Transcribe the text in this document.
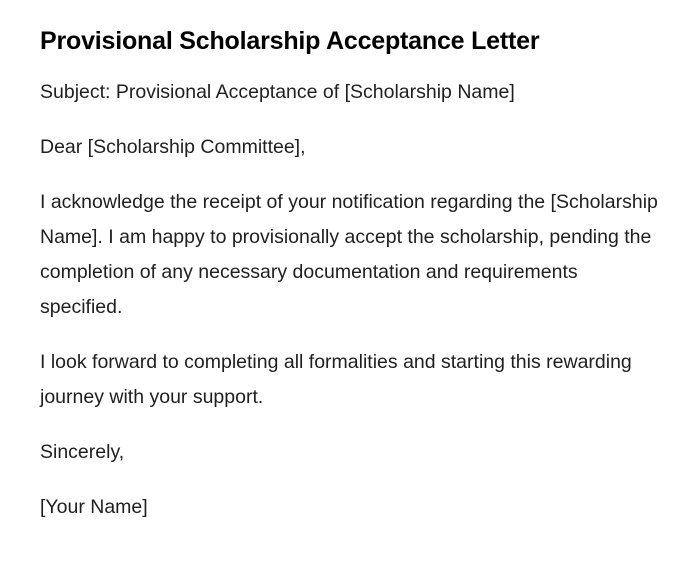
Provisional Scholarship Acceptance Letter

Subject: Provisional Acceptance of [Scholarship Name]

Dear [Scholarship Committee],

I acknowledge the receipt of your notification regarding the [Scholarship Name]. I am happy to provisionally accept the scholarship, pending the completion of any necessary documentation and requirements specified.

I look forward to completing all formalities and starting this rewarding journey with your support.

Sincerely,

[Your Name]
